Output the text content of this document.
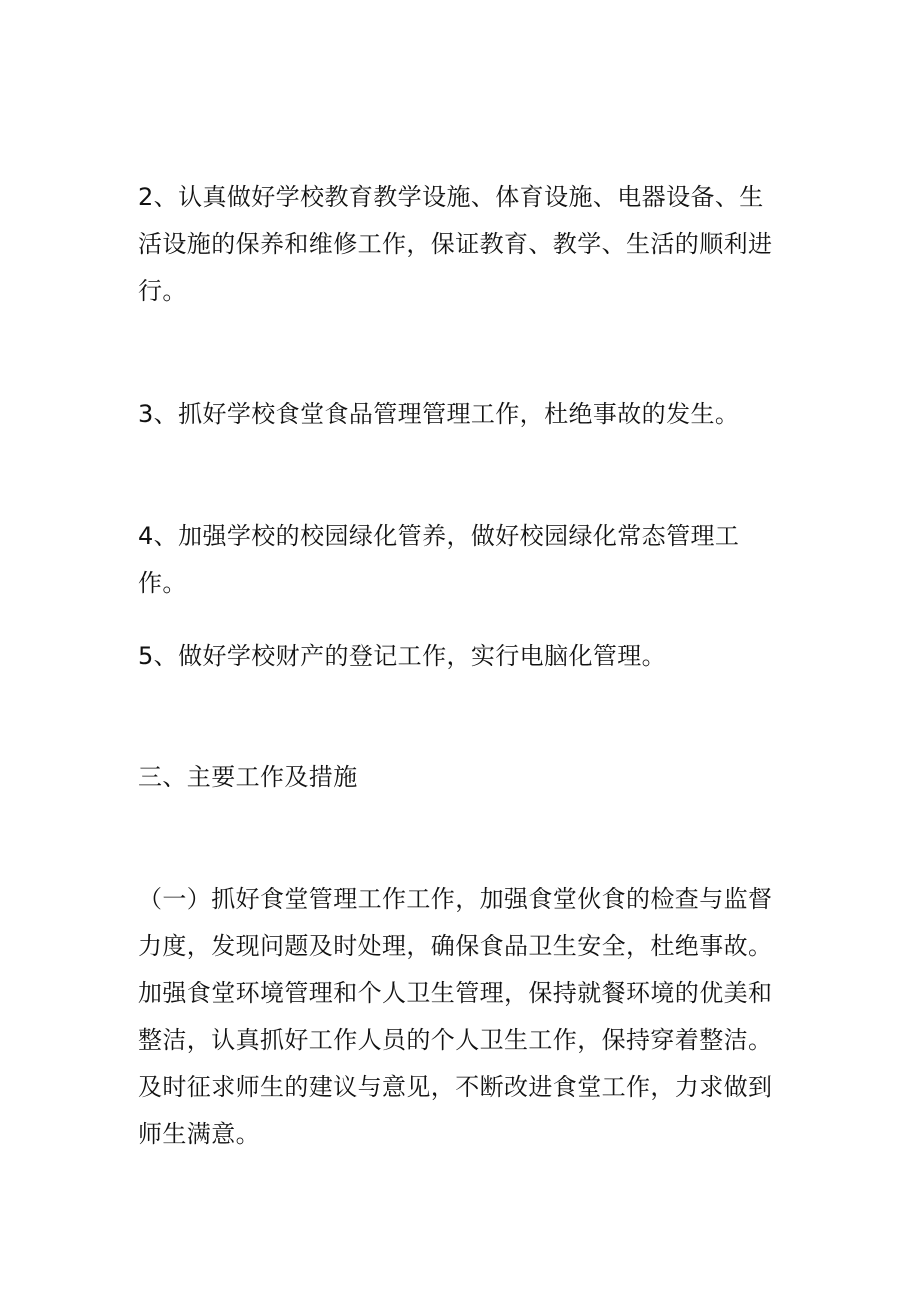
2、认真做好学校教育教学设施、体育设施、电器设备、生活设施的保养和维修工作，保证教育、教学、生活的顺利进行。

3、抓好学校食堂食品管理管理工作，杜绝事故的发生。

4、加强学校的校园绿化管养，做好校园绿化常态管理工作。

5、做好学校财产的登记工作，实行电脑化管理。

三、主要工作及措施

（一）抓好食堂管理工作工作，加强食堂伙食的检查与监督力度，发现问题及时处理，确保食品卫生安全，杜绝事故。加强食堂环境管理和个人卫生管理，保持就餐环境的优美和整洁，认真抓好工作人员的个人卫生工作，保持穿着整洁。及时征求师生的建议与意见，不断改进食堂工作，力求做到师生满意。
